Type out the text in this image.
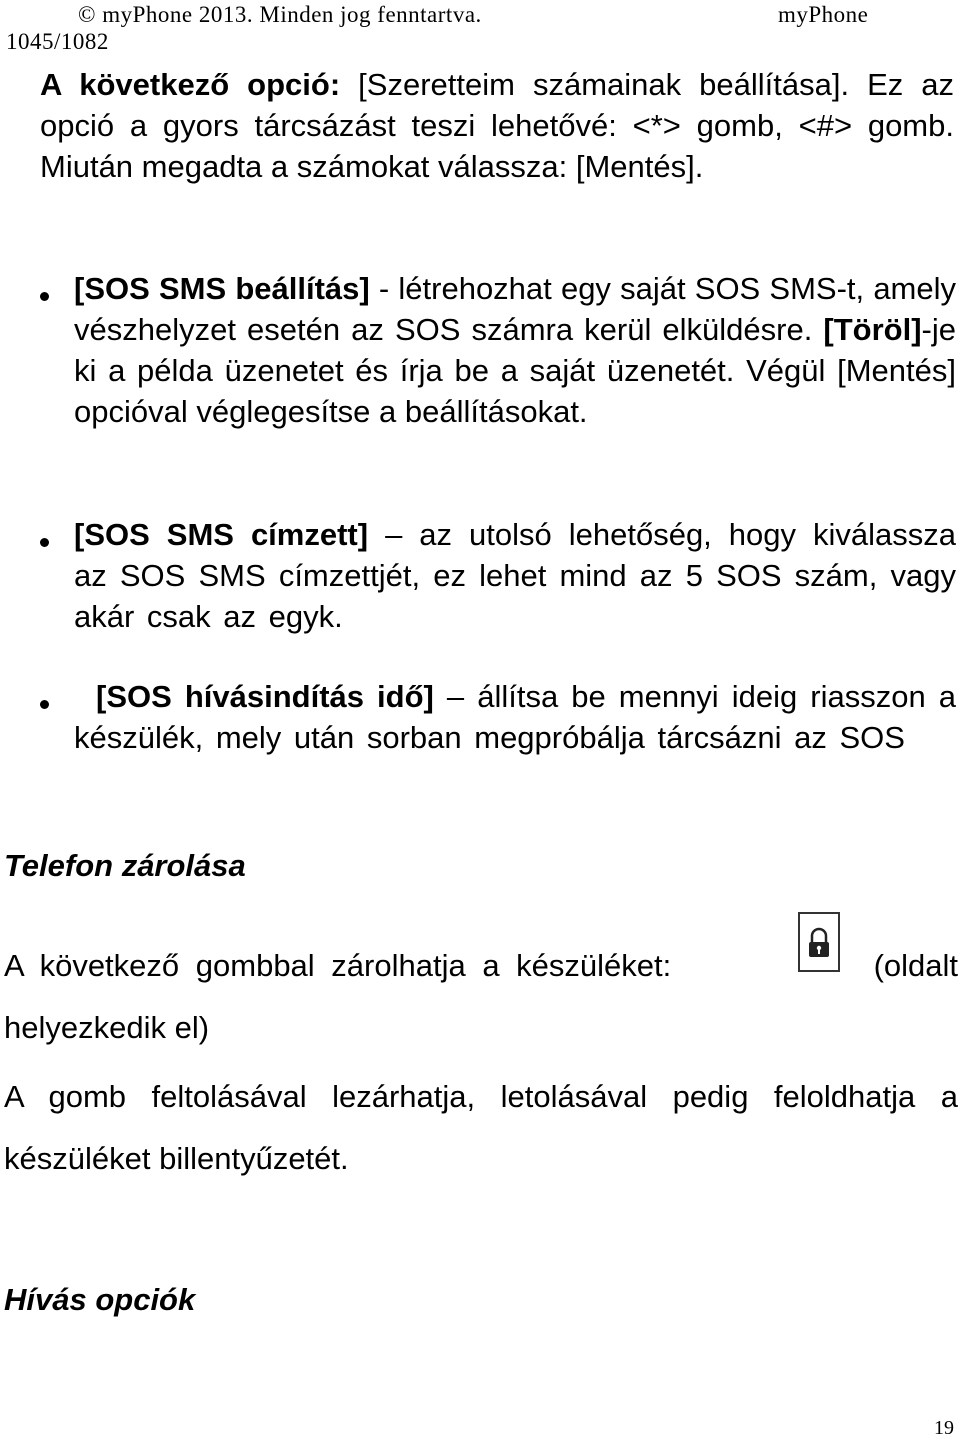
© myPhone 2013. Minden jog fenntartva.	myPhone
1045/1082

A következő opció: [Szeretteim számainak beállítása]. Ez az opció a gyors tárcsázást teszi lehetővé: <*> gomb, <#> gomb. Miután megadta a számokat válassza: [Mentés].

[SOS SMS beállítás] - létrehozhat egy saját SOS SMS-t, amely vészhelyzet esetén az SOS számra kerül elküldésre. [Töröl]-je ki a példa üzenetet és írja be a saját üzenetét. Végül [Mentés] opcióval véglegesítse a beállításokat.

[SOS SMS címzett] – az utolsó lehetőség, hogy kiválassza az SOS SMS címzettjét, ez lehet mind az 5 SOS szám, vagy akár csak az egyk.

[SOS hívásindítás idő] – állítsa be mennyi ideig riasszon a készülék, mely után sorban megpróbálja tárcsázni az SOS

Telefon zárolása
A következő gombbal zárolhatja a készüléket:	(oldalt

helyezkedik el)

A gomb feltolásával lezárhatja, letolásával pedig feloldhatja a készüléket billentyűzetét.

Hívás opciók
19
